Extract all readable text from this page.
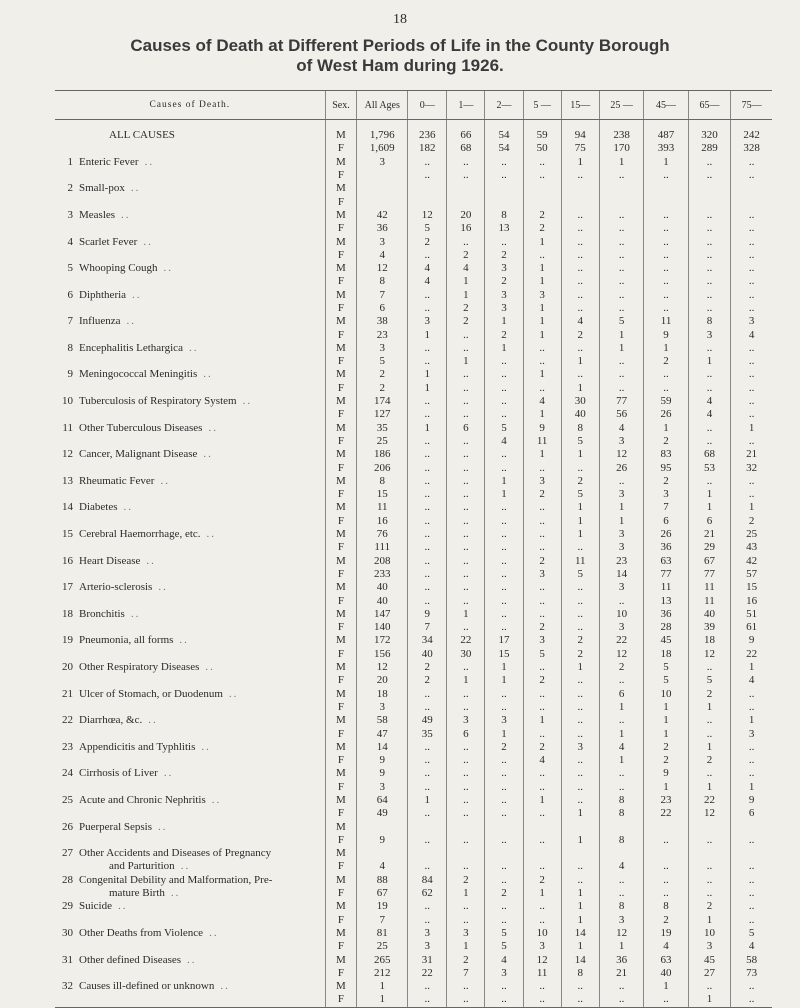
18
Causes of Death at Different Periods of Life in the County Borough
of West Ham during 1926.
Causes of Death.	Sex.	All Ages	0—	1—	2—	5 —	15—	25 —	45—	65—	75—

ALL CAUSES	M	1,796	236	66	54	59	94	238	487	320	242
	F	1,609	182	68	54	50	75	170	393	289	328
1 Enteric Fever ..	M	3	..	..	..	..	1	1	1	..	..
	F		..	..	..	..	..	..	..	..	..
2 Small-pox ..	M										
	F										
3 Measles ..	M	42	12	20	8	2	..	..	..	..	..
	F	36	5	16	13	2	..	..	..	..	..
4 Scarlet Fever ..	M	3	2	..	..	1	..	..	..	..	..
	F	4	..	2	2	..	..	..	..	..	..
5 Whooping Cough ..	M	12	4	4	3	1	..	..	..	..	..
	F	8	4	1	2	1	..	..	..	..	..
6 Diphtheria ..	M	7	..	1	3	3	..	..	..	..	..
	F	6	..	2	3	1	..	..	..	..	..
7 Influenza ..	M	38	3	2	1	1	4	5	11	8	3
	F	23	1	..	2	1	2	1	9	3	4
8 Encephalitis Lethargica ..	M	3	..	..	1	..	..	1	1	..	..
	F	5	..	1	..	..	1	..	2	1	..
9 Meningococcal Meningitis ..	M	2	1	..	..	1	..	..	..	..	..
	F	2	1	..	..	..	1	..	..	..	..
10 Tuberculosis of Respiratory System ..	M	174	..	..	..	4	30	77	59	4	..
	F	127	..	..	..	1	40	56	26	4	..
11 Other Tuberculous Diseases ..	M	35	1	6	5	9	8	4	1	..	1
	F	25	..	..	4	11	5	3	2	..	..
12 Cancer, Malignant Disease ..	M	186	..	..	..	1	1	12	83	68	21
	F	206	..	..	..	..	..	26	95	53	32
13 Rheumatic Fever ..	M	8	..	..	1	3	2	..	2	..	..
	F	15	..	..	1	2	5	3	3	1	..
14 Diabetes ..	M	11	..	..	..	..	1	1	7	1	1
	F	16	..	..	..	..	1	1	6	6	2
15 Cerebral Haemorrhage, etc. ..	M	76	..	..	..	..	1	3	26	21	25
	F	111	..	..	..	..	..	3	36	29	43
16 Heart Disease ..	M	208	..	..	..	2	11	23	63	67	42
	F	233	..	..	..	3	5	14	77	77	57
17 Arterio-sclerosis ..	M	40	..	..	..	..	..	3	11	11	15
	F	40	..	..	..	..	..	..	13	11	16
18 Bronchitis ..	M	147	9	1	..	..	..	10	36	40	51
	F	140	7	..	..	2	..	3	28	39	61
19 Pneumonia, all forms ..	M	172	34	22	17	3	2	22	45	18	9
	F	156	40	30	15	5	2	12	18	12	22
20 Other Respiratory Diseases ..	M	12	2	..	1	..	1	2	5	..	1
	F	20	2	1	1	2	..	..	5	5	4
21 Ulcer of Stomach, or Duodenum ..	M	18	..	..	..	..	..	6	10	2	..
	F	3	..	..	..	..	..	1	1	1	..
22 Diarrhœa, &c. ..	M	58	49	3	3	1	..	..	1	..	1
	F	47	35	6	1	..	..	1	1	..	3
23 Appendicitis and Typhlitis ..	M	14	..	..	2	2	3	4	2	1	..
	F	9	..	..	..	4	..	1	2	2	..
24 Cirrhosis of Liver ..	M	9	..	..	..	..	..	..	9	..	..
	F	3	..	..	..	..	..	..	1	1	1
25 Acute and Chronic Nephritis ..	M	64	1	..	..	1	..	8	23	22	9
	F	49	..	..	..	..	1	8	22	12	6
26 Puerperal Sepsis ..	M										
	F	9	..	..	..	..	1	8	..	..	..
27 Other Accidents and Diseases of Pregnancy	M										
and Parturition ..	F	4	..	..	..	..	..	4	..	..	..
28 Congenital Debility and Malformation, Pre-	M	88	84	2	..	2	..	..	..	..	..
mature Birth ..	F	67	62	1	2	1	1	..	..	..	..
29 Suicide ..	M	19	..	..	..	..	1	8	8	2	..
	F	7	..	..	..	..	1	3	2	1	..
30 Other Deaths from Violence ..	M	81	3	3	5	10	14	12	19	10	5
	F	25	3	1	5	3	1	1	4	3	4
31 Other defined Diseases ..	M	265	31	2	4	12	14	36	63	45	58
	F	212	22	7	3	11	8	21	40	27	73
32 Causes ill-defined or unknown ..	M	1	..	..	..	..	..	..	1	..	..
	F	1	..	..	..	..	..	..	..	1	..
